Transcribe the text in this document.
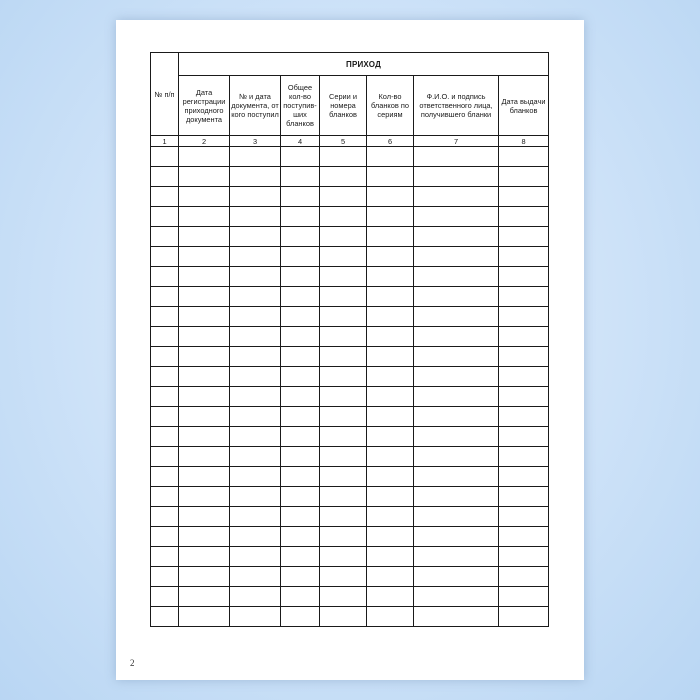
№ п/п	ПРИХОД						
	Дата регистрации приходного документа	№ и дата документа, от кого поступил	Общее кол-во поступив-ших бланков	Серии и номера бланков	Кол-во бланков по сериям	Ф.И.О. и подпись ответственного лица, получившего бланки	Дата выдачи бланков
1	2	3	4	5	6	7	8

2
